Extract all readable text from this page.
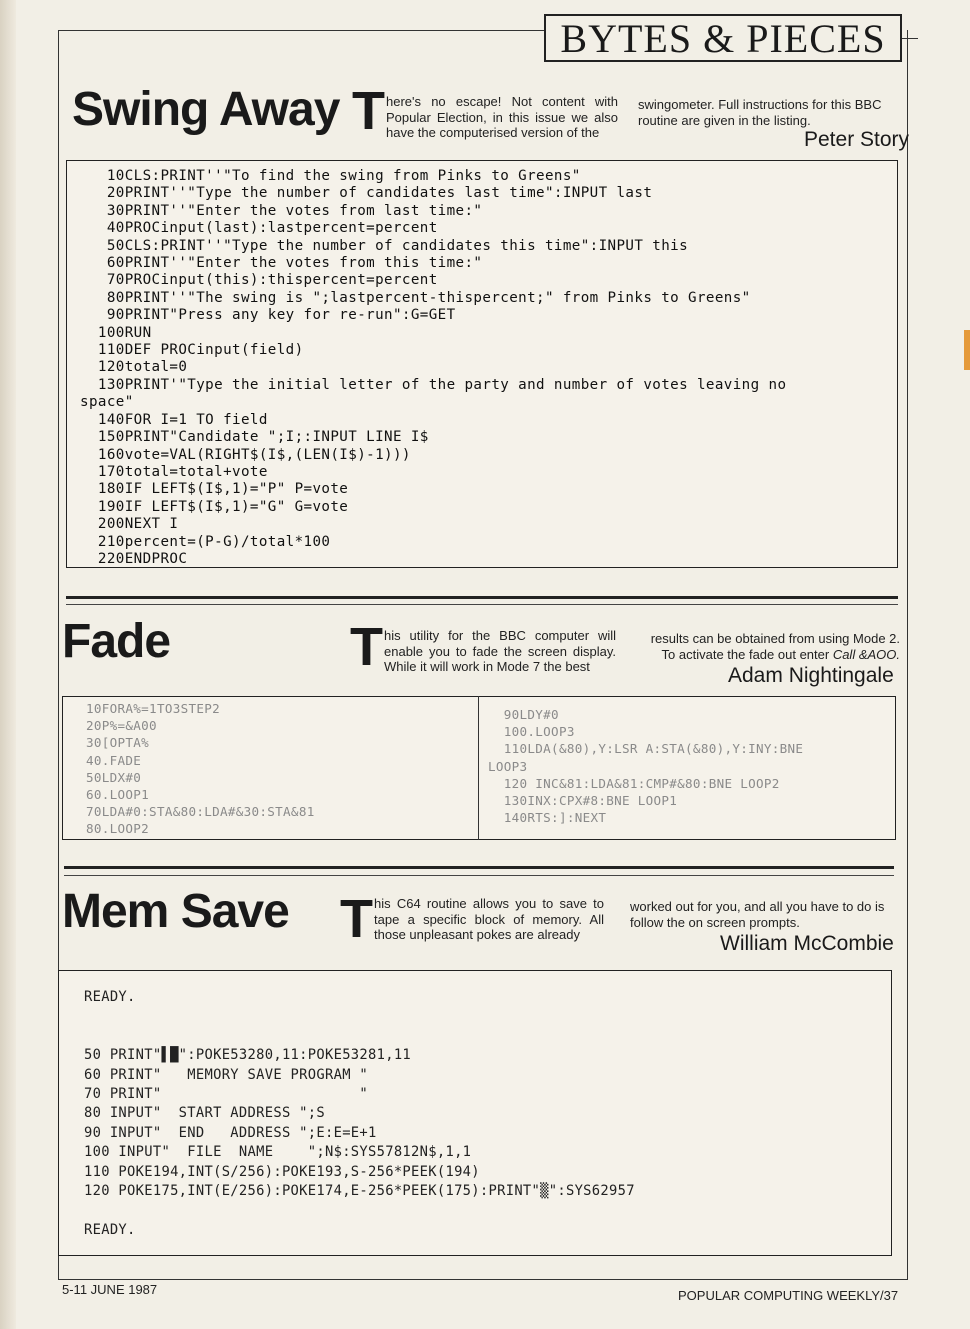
BYTES & PIECES
Swing Away T here's no escape! Not content with Popular Election, in this issue we also have the computerised version of the
swingometer. Full instructions for this BBC routine are given in the listing.
Peter Story
10CLS:PRINT''"To find the swing from Pinks to Greens"
20PRINT''"Type the number of candidates last time":INPUT last
30PRINT''"Enter the votes from last time:"
40PROCinput(last):lastpercent=percent
50CLS:PRINT''"Type the number of candidates this time":INPUT this
60PRINT''"Enter the votes from this time:"
70PROCinput(this):thispercent=percent
80PRINT''"The swing is ";lastpercent-thispercent;" from Pinks to Greens"
90PRINT"Press any key for re-run":G=GET
100RUN
110DEF PROCinput(field)
120total=0
130PRINT'"Type the initial letter of the party and number of votes leaving no
space"
140FOR I=1 TO field
150PRINT"Candidate ";I;:INPUT LINE I$
160vote=VAL(RIGHT$(I$,(LEN(I$)-1)))
170total=total+vote
180IF LEFT$(I$,1)="P" P=vote
190IF LEFT$(I$,1)="G" G=vote
200NEXT I
210percent=(P-G)/total*100
220ENDPROC
Fade	T his utility for the BBC computer will enable you to fade the screen display. While it will work in Mode 7 the best
results can be obtained from using Mode 2. To activate the fade out enter Call &AOO.
Adam Nightingale
10FORA%=1TO3STEP2
20P%=&A00
30[OPTA%
40.FADE
50LDX#0
60.LOOP1
70LDA#0:STA&80:LDA#&30:STA&81
80.LOOP2
90LDY#0
100.LOOP3
110LDA(&80),Y:LSR A:STA(&80),Y:INY:BNE
LOOP3
120 INC&81:LDA&81:CMP#&80:BNE LOOP2
130INX:CPX#8:BNE LOOP1
140RTS:]:NEXT
Mem Save T his C64 routine allows you to save to tape a specific block of memory. All those unpleasant pokes are already
worked out for you, and all you have to do is follow the on screen prompts.
William McCombie
READY.

50 PRINT"▌█":POKE53280,11:POKE53281,11
60 PRINT"   MEMORY SAVE PROGRAM "
70 PRINT"                       "
80 INPUT"  START ADDRESS ";S
90 INPUT"  END   ADDRESS ";E:E=E+1
100 INPUT"  FILE  NAME    ";N$:SYS57812N$,1,1
110 POKE194,INT(S/256):POKE193,S-256*PEEK(194)
120 POKE175,INT(E/256):POKE174,E-256*PEEK(175):PRINT"▒":SYS62957

READY.
5-11 JUNE 1987	POPULAR COMPUTING WEEKLY/37
